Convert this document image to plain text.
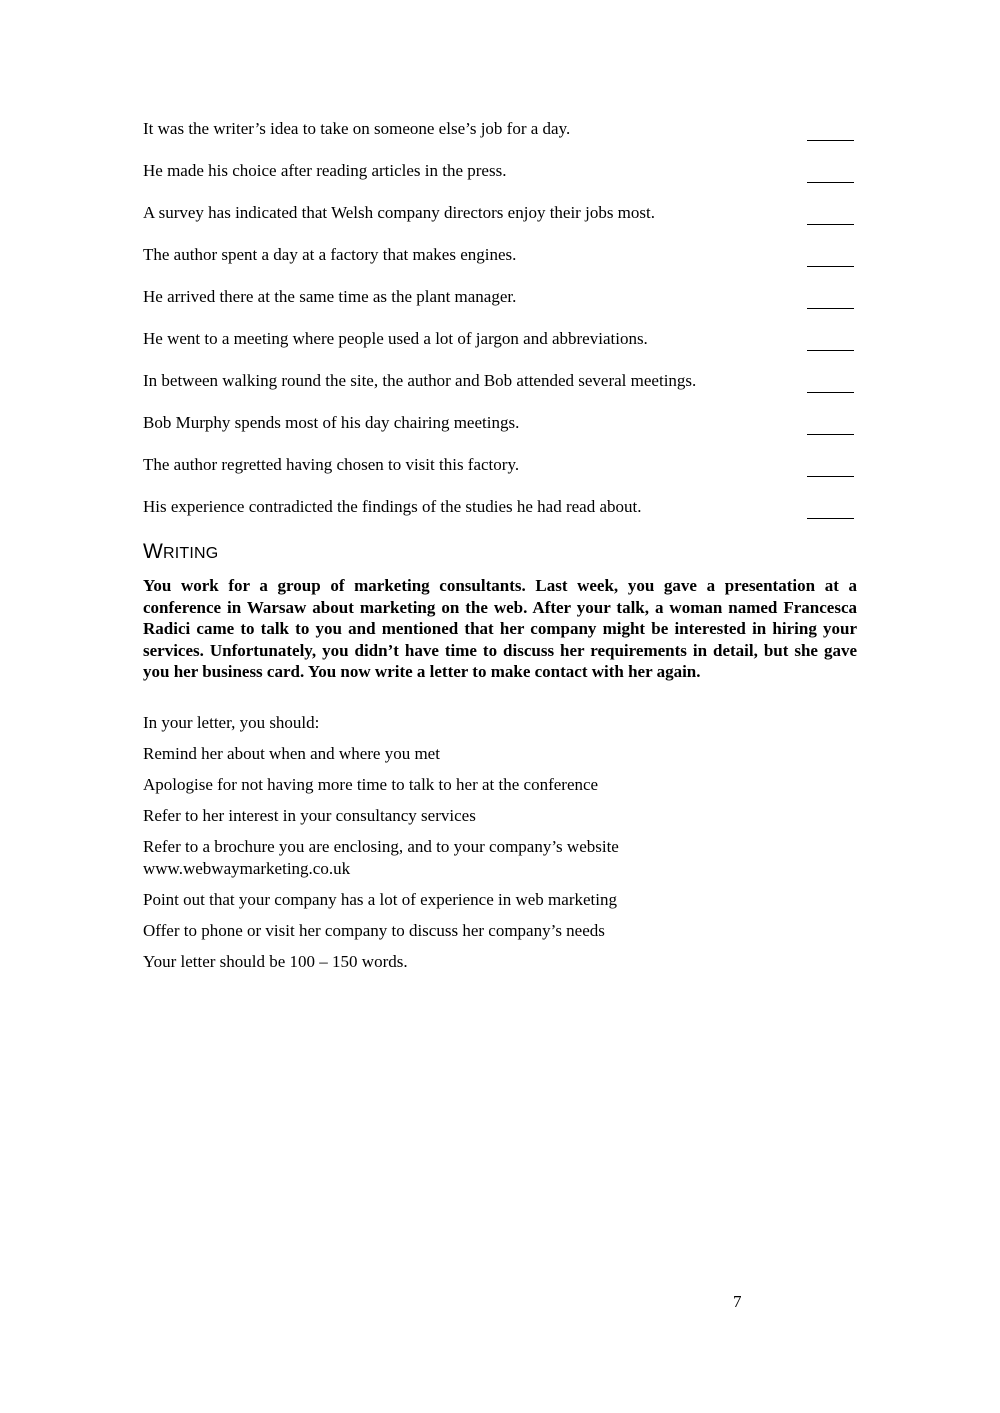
It was the writer’s idea to take on someone else’s job for a day.
He made his choice after reading articles in the press.
A survey has indicated that Welsh company directors enjoy their jobs most.
The author spent a day at a factory that makes engines.
He arrived there at the same time as the plant manager.
He went to a meeting where people used a lot of jargon and abbreviations.
In between walking round the site, the author and Bob attended several meetings.
Bob Murphy spends most of his day chairing meetings.
The author regretted having chosen to visit this factory.
His experience contradicted the findings of the studies he had read about.
WRITING
You work for a group of marketing consultants. Last week, you gave a presentation at a conference in Warsaw about marketing on the web. After your talk, a woman named Francesca Radici came to talk to you and mentioned that her company might be interested in hiring your services. Unfortunately, you didn’t have time to discuss her requirements in detail, but she gave you her business card. You now write a letter to make contact with her again.

In your letter, you should:

Remind her about when and where you met

Apologise for not having more time to talk to her at the conference

Refer to her interest in your consultancy services

Refer to a brochure you are enclosing, and to your company’s website www.webwaymarketing.co.uk

Point out that your company has a lot of experience in web marketing

Offer to phone or visit her company to discuss her company’s needs

Your letter should be 100 – 150 words.

7
